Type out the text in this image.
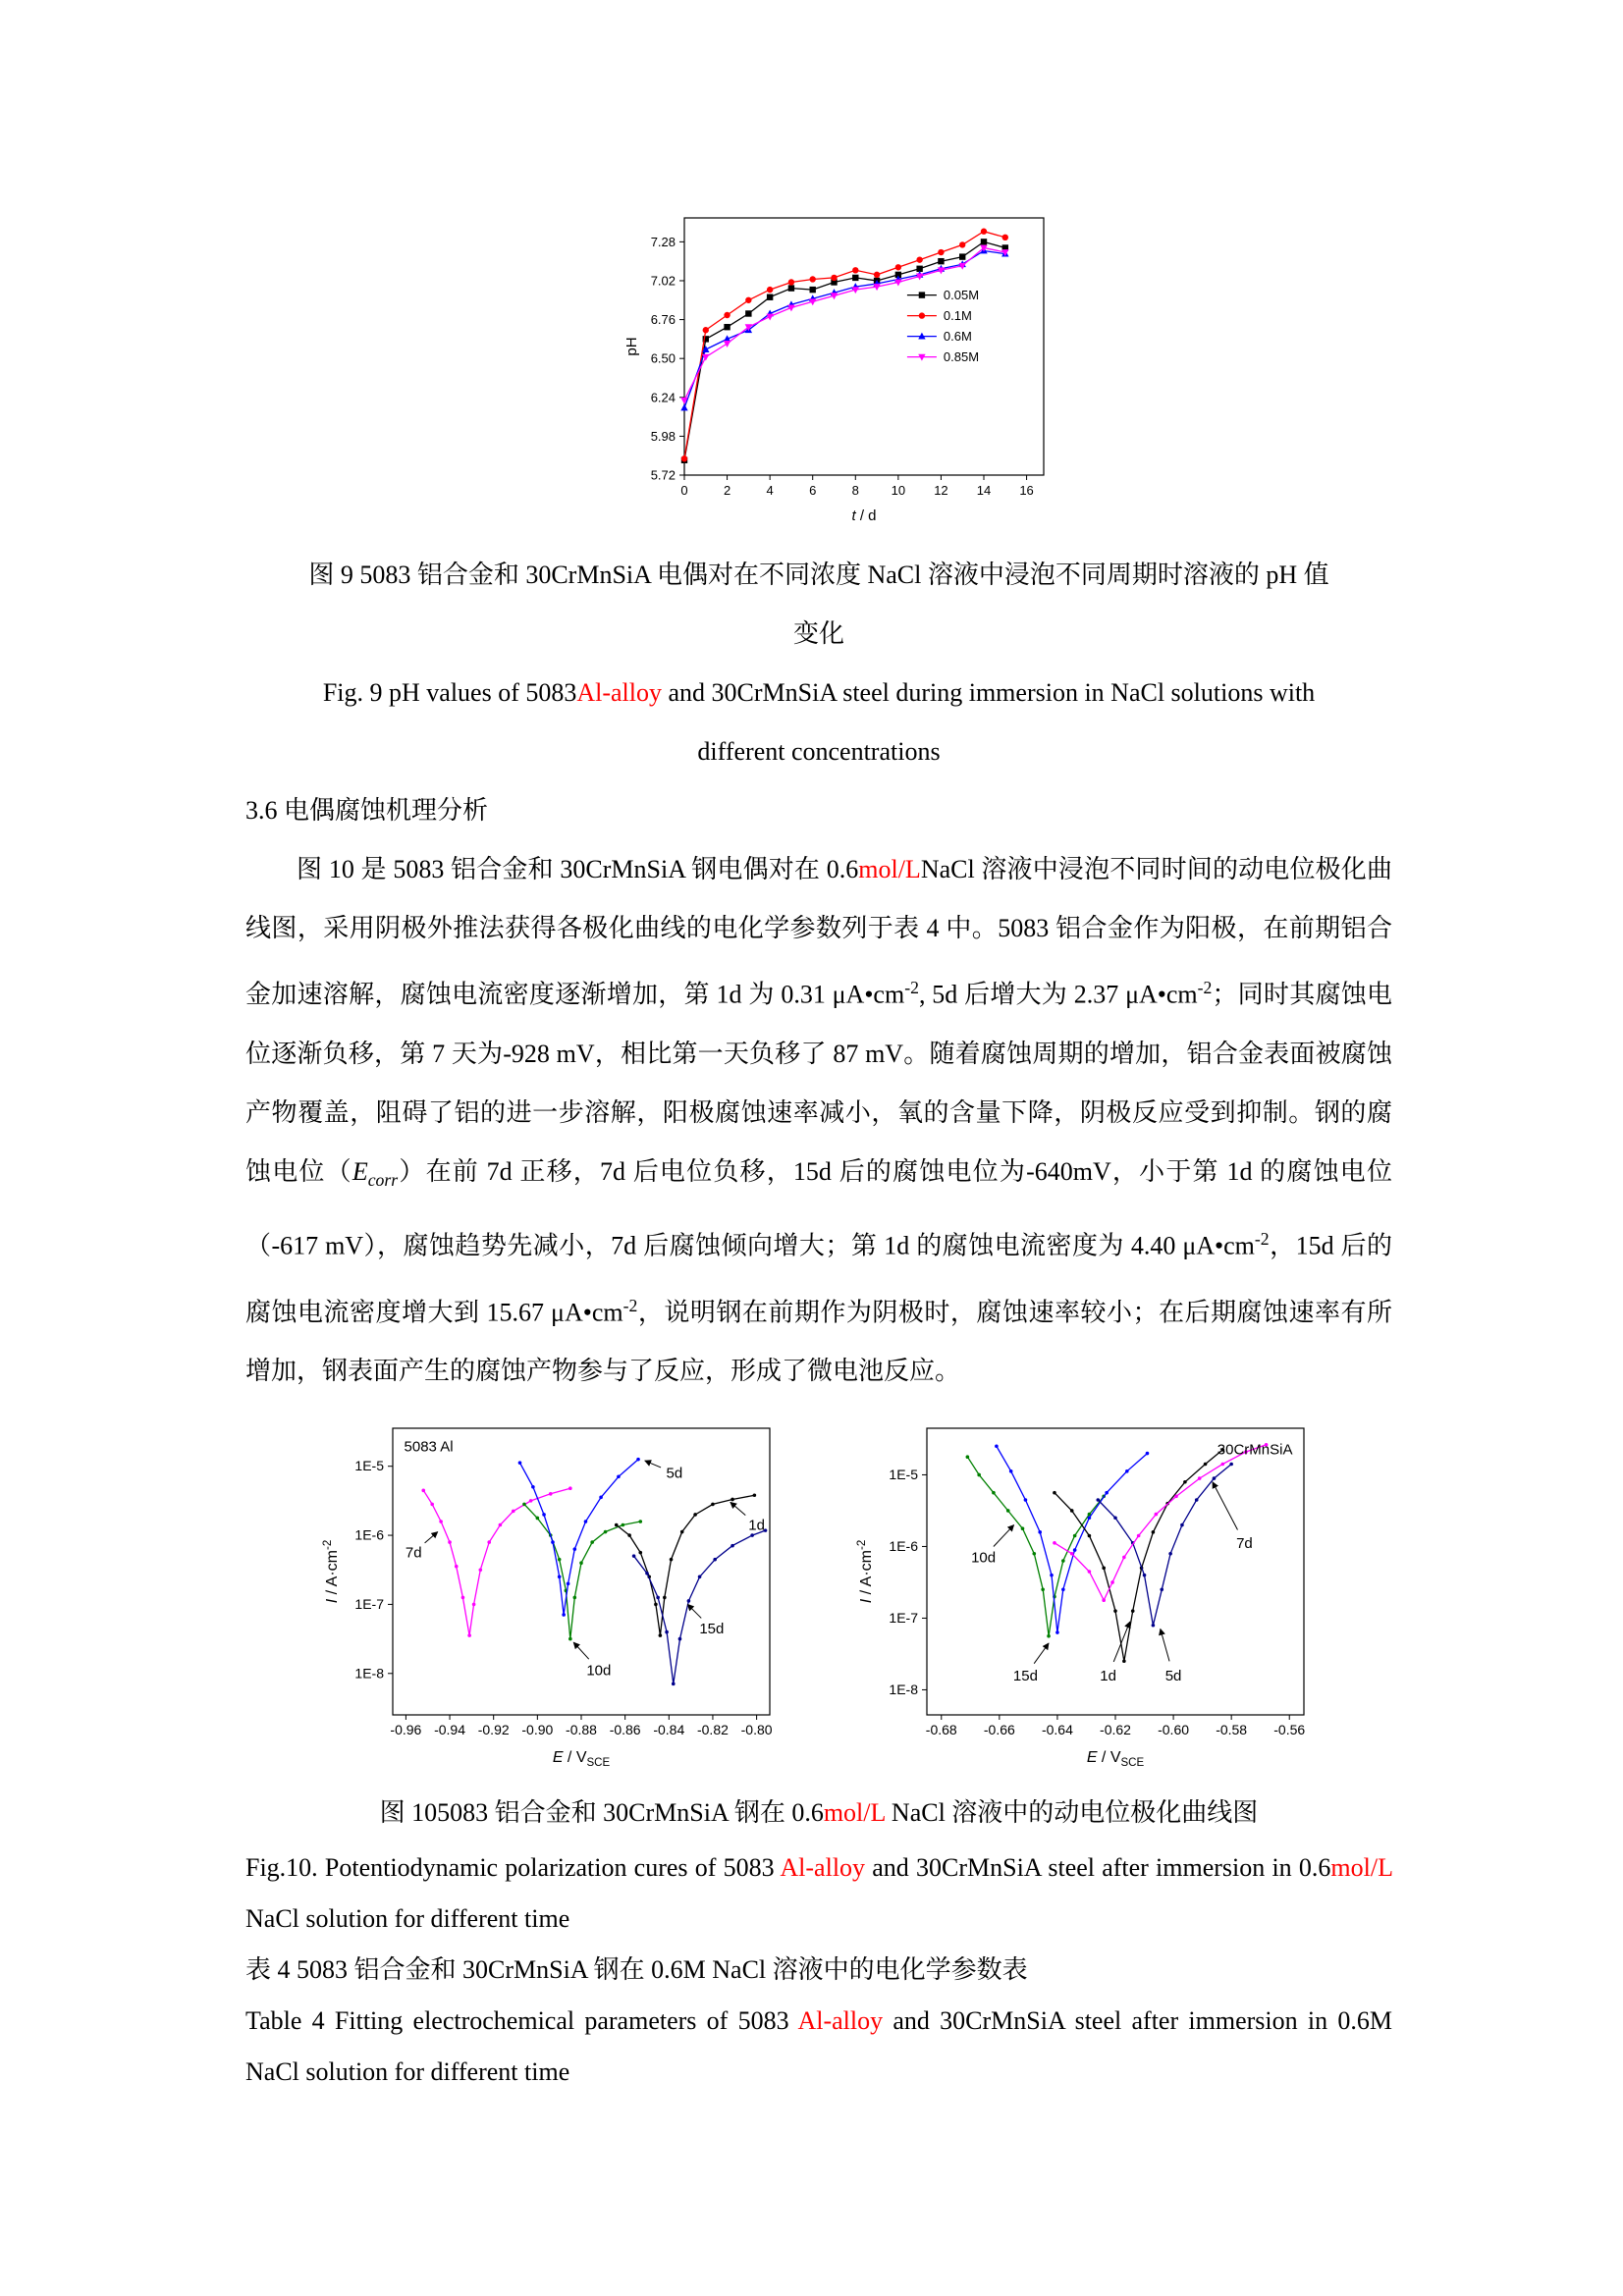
0	2	4	6	8	10 12 14 16
5.72
5.98
6.24
6.50
6.76
7.02
7.28
0.05M
0.1M
0.6M
0.85M
t / d
pH

图 9 5083 铝合金和 30CrMnSiA 电偶对在不同浓度 NaCl 溶液中浸泡不同周期时溶液的 pH 值

变化

Fig. 9 pH values of 5083Al-alloy and 30CrMnSiA steel during immersion in NaCl solutions with

different concentrations

3.6 电偶腐蚀机理分析

图 10 是 5083 铝合金和 30CrMnSiA 钢电偶对在 0.6mol/LNaCl 溶液中浸泡不同时间的动电位极化曲线图，采用阴极外推法获得各极化曲线的电化学参数列于表 4 中。5083 铝合金作为阳极，在前期铝合金加速溶解，腐蚀电流密度逐渐增加，第 1d 为 0.31 $\mu A•cm^{-2}$, 5d 后增大为 2.37 $\mu A•cm^{-2}$；同时其腐蚀电位逐渐负移，第 7 天为-928 mV，相比第一天负移了 87 mV。随着腐蚀周期的增加，铝合金表面被腐蚀产物覆盖，阻碍了铝的进一步溶解，阳极腐蚀速率减小，氧的含量下降，阴极反应受到抑制。钢的腐蚀电位$(E_{corr})$在前 7d 正移，7d 后电位负移，15d 后的腐蚀电位为-640mV，小于第 1d 的腐蚀电位（-617 mV），腐蚀趋势先减小，7d 后腐蚀倾向增大；第 1d 的腐蚀电流密度为 4.40 $\mu A•cm^{-2}$，15d 后的腐蚀电流密度增大到 15.67 $\mu A•cm^{-2}$，说明钢在前期作为阴极时，腐蚀速率较小；在后期腐蚀速率有所增加，钢表面产生的腐蚀产物参与了反应，形成了微电池反应。

-0.96 -0.94 -0.92 -0.90 -0.88 -0.86 -0.84 -0.82 -0.80
1E-5
1E-6
1E-7
1E-8
7d
5d
10d
1d
15d
5083 Al
E / $V_{SCE}$
$I / A\cdot cm^{-2}$
-0.68 -0.66 -0.64 -0.62 -0.60 -0.58 -0.56
1E-5
1E-6
1E-7
1E-8
10d
15d	1d	5d
7d
30CrMnSiA
E / $V_{SCE}$
$I / A\cdot cm^{-2}$

图 105083 铝合金和 30CrMnSiA 钢在 0.6mol/L NaCl 溶液中的动电位极化曲线图

Fig.10. Potentiodynamic polarization cures of 5083 Al-alloy and 30CrMnSiA steel after immersion in 0.6mol/L NaCl solution for different time

表 4 5083 铝合金和 30CrMnSiA 钢在 0.6M NaCl 溶液中的电化学参数表

Table 4 Fitting electrochemical parameters of 5083 Al-alloy and 30CrMnSiA steel after immersion in 0.6M NaCl solution for different time
